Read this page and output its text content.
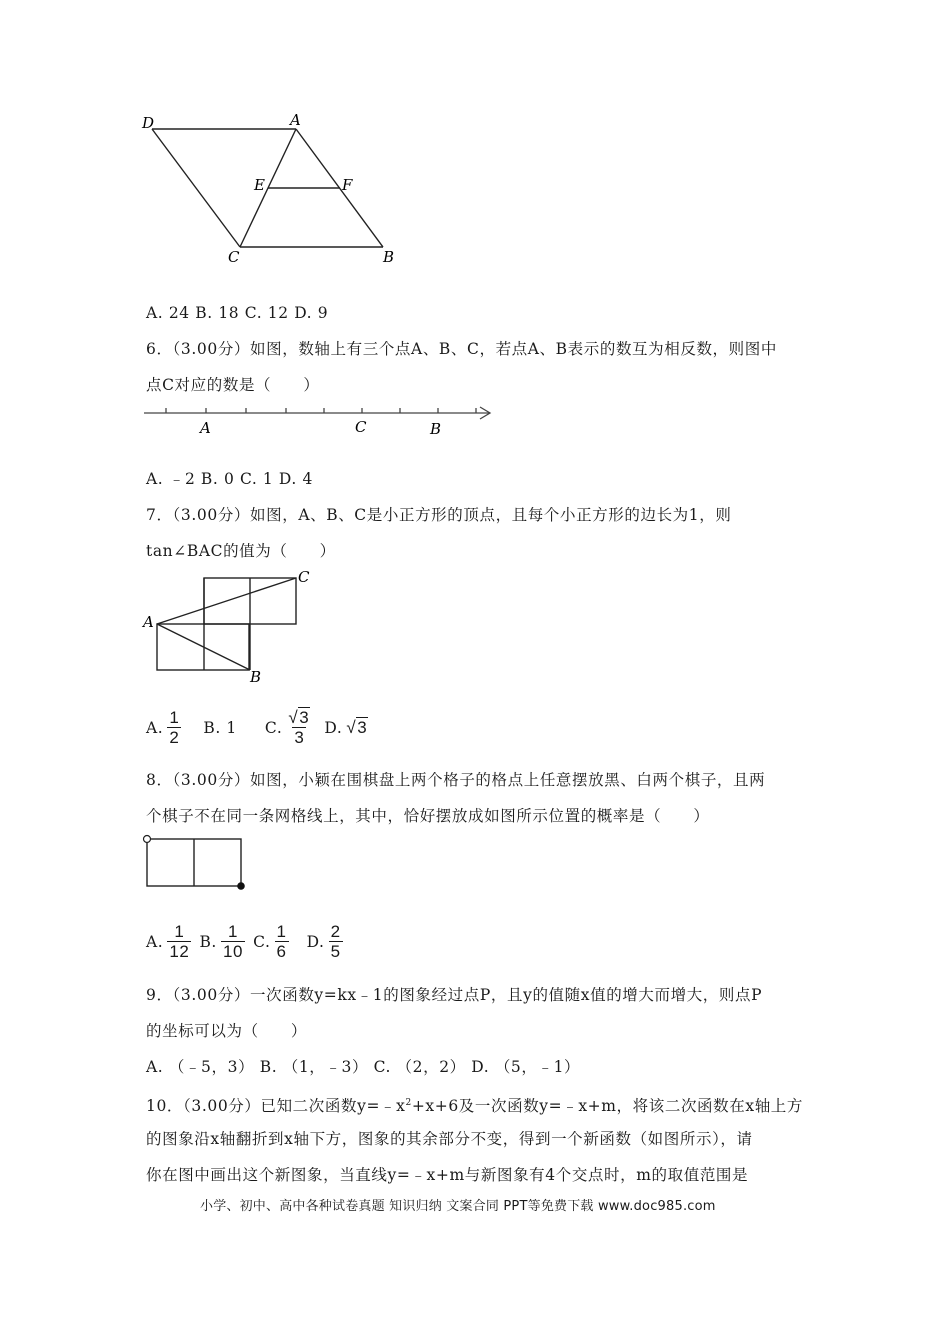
D	A
E	F
C	B
A. 24 B. 18 C. 12 D. 9
6．（3.00分）如图，数轴上有三个点A、B、C，若点A、B表示的数互为相反数，则图中
点C对应的数是（　　）
A	C	B
A. ﹣2 B. 0 C. 1 D. 4
7．（3.00分）如图，A、B、C是小正方形的顶点，且每个小正方形的边长为1，则
tan∠BAC的值为（　　）
A
B
C
A. $\frac{1}{2} B$. 1 C. $\frac{√3}{3} D$. √3
8．（3.00分）如图，小颖在围棋盘上两个格子的格点上任意摆放黑、白两个棋子，且两
个棋子不在同一条网格线上，其中，恰好摆放成如图所示位置的概率是（　　）
A. $\frac{1}{12} B$. $\frac{1}{10} C$. $\frac{1}{6} D$. $\frac{2}{5}$
9．（3.00分）一次函数y=kx﹣1的图象经过点P，且y的值随x值的增大而增大，则点P
的坐标可以为（　　）
A. （﹣5，3） B. （1，﹣3） C. （2，2） D. （5，﹣1）
10．（3.00分）已知二次函数$y=﹣x^2+x+6$及一次函数y=﹣x+m，将该二次函数在x轴上方
的图象沿x轴翻折到x轴下方，图象的其余部分不变，得到一个新函数（如图所示），请
你在图中画出这个新图象，当直线y=﹣x+m与新图象有4个交点时，m的取值范围是
小学、初中、高中各种试卷真题 知识归纳 文案合同 PPT等免费下载 www.doc985.com
